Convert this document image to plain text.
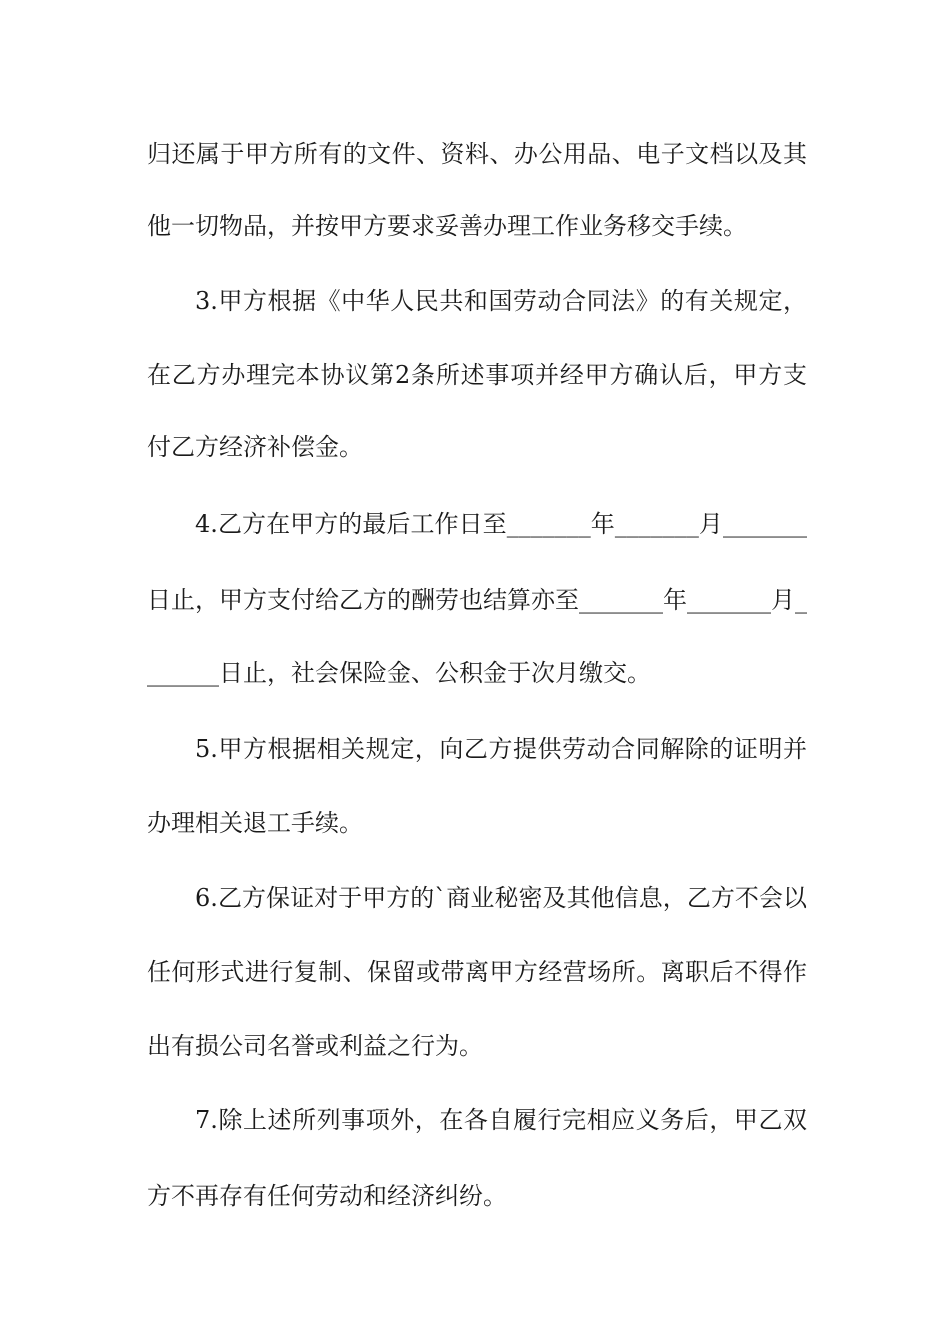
归还属于甲方所有的文件、资料、办公用品、电子文档以及其
他一切物品，并按甲方要求妥善办理工作业务移交手续。
3.甲方根据《中华人民共和国劳动合同法》的有关规定，
在乙方办理完本协议第2条所述事项并经甲方确认后，甲方支
付乙方经济补偿金。
4.乙方在甲方的最后工作日至_______年_______月_______
日止，甲方支付给乙方的酬劳也结算亦至_______年_______月_
______日止，社会保险金、公积金于次月缴交。
5.甲方根据相关规定，向乙方提供劳动合同解除的证明并
办理相关退工手续。
6.乙方保证对于甲方的`商业秘密及其他信息，乙方不会以
任何形式进行复制、保留或带离甲方经营场所。离职后不得作
出有损公司名誉或利益之行为。
7.除上述所列事项外，在各自履行完相应义务后，甲乙双
方不再存有任何劳动和经济纠纷。
